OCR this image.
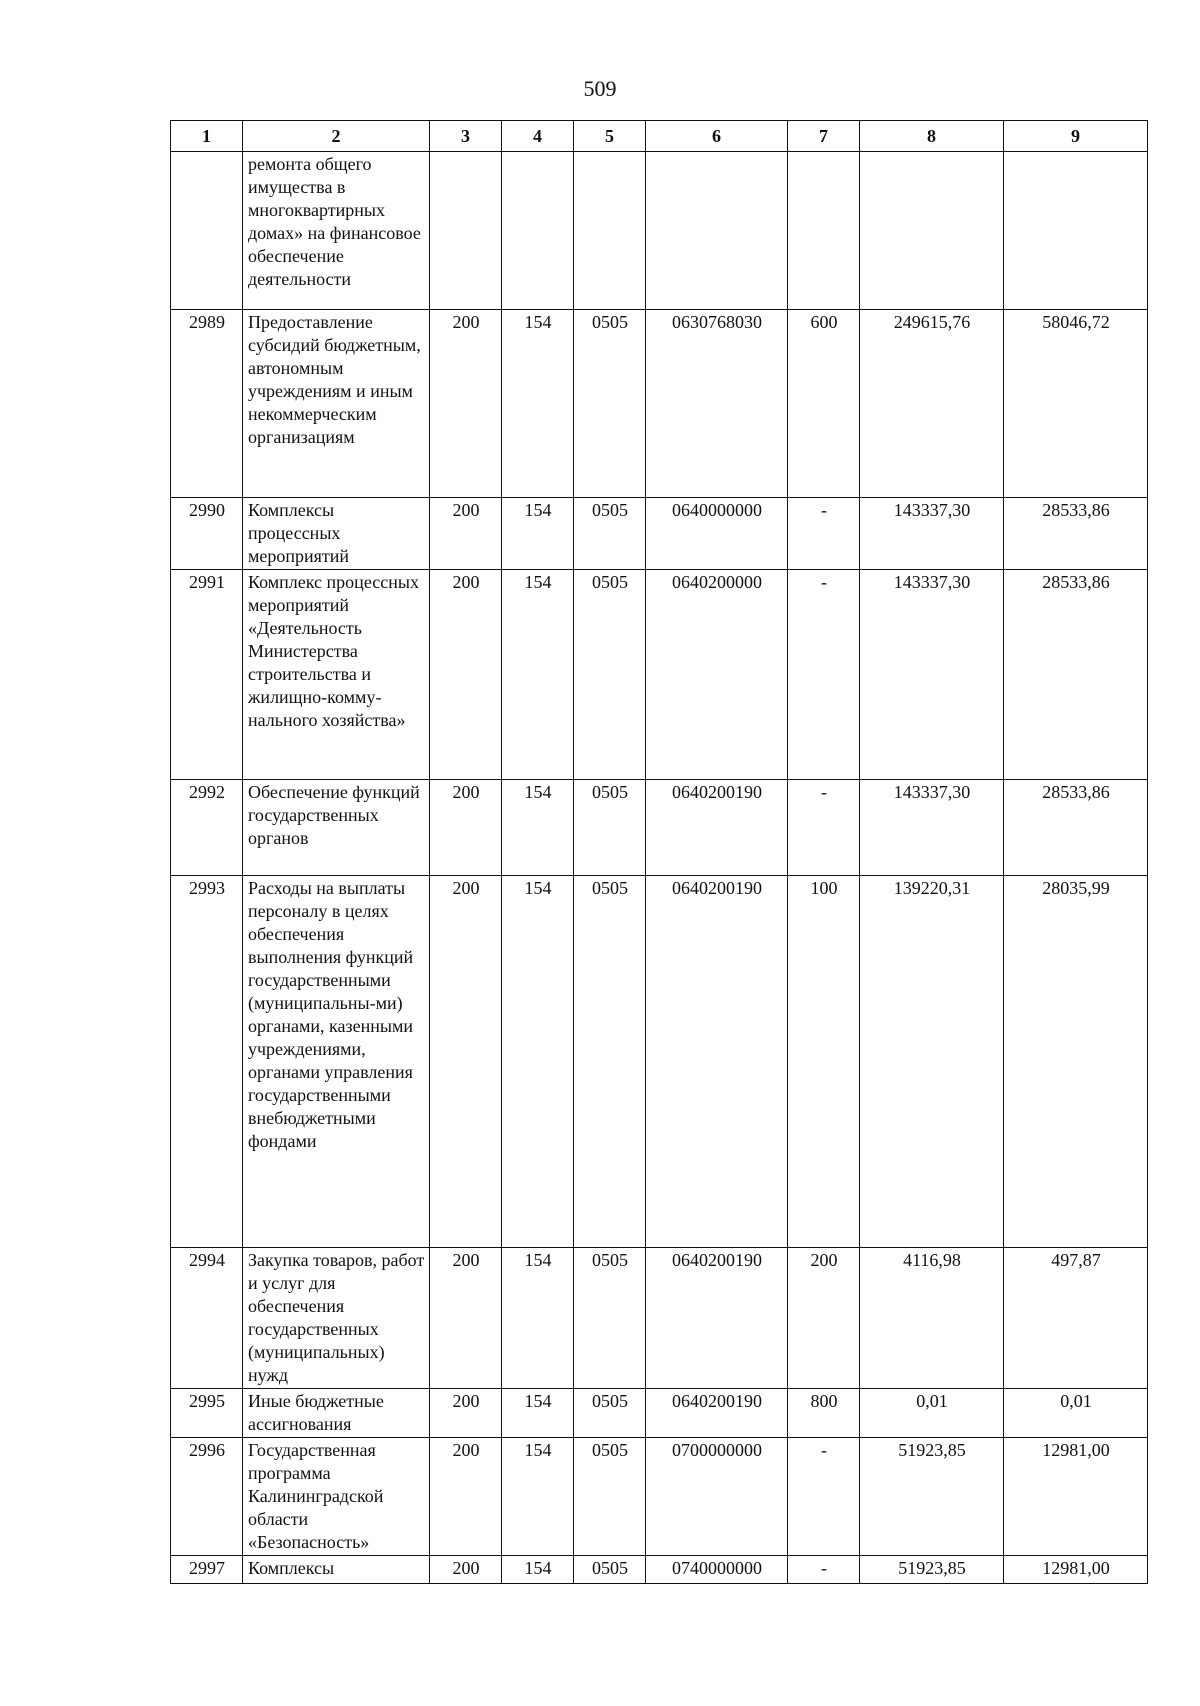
509
1	2	3	4	5	6	7	8	9
	ремонта общего имущества в многоквартирных домах» на финансовое обеспечение деятельности							
2989	Предоставление субсидий бюджетным, автономным учреждениям и иным некоммерческим организациям	200	154	0505	0630768030	600	249615,76	58046,72
2990	Комплексы процессных мероприятий	200	154	0505	0640000000	-	143337,30	28533,86
2991	Комплекс процессных мероприятий «Деятельность Министерства строительства и жилищно-комму-нального хозяйства»	200	154	0505	0640200000	-	143337,30	28533,86
2992	Обеспечение функций государственных органов	200	154	0505	0640200190	-	143337,30	28533,86
2993	Расходы на выплаты персоналу в целях обеспечения выполнения функций государственными (муниципальны-ми) органами, казенными учреждениями, органами управления государственными внебюджетными фондами	200	154	0505	0640200190	100	139220,31	28035,99
2994	Закупка товаров, работ и услуг для обеспечения государственных (муниципальных) нужд	200	154	0505	0640200190	200	4116,98	497,87
2995	Иные бюджетные ассигнования	200	154	0505	0640200190	800	0,01	0,01
2996	Государственная программа Калининградской области «Безопасность»	200	154	0505	0700000000	-	51923,85	12981,00
2997	Комплексы	200	154	0505	0740000000	-	51923,85	12981,00
